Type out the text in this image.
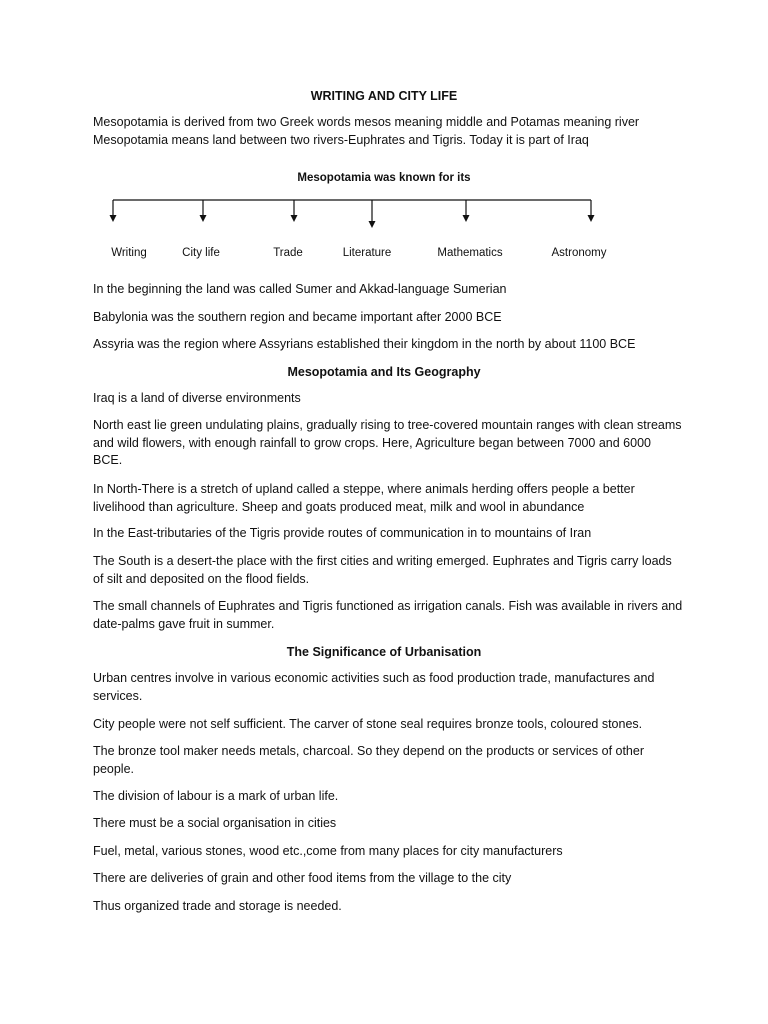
WRITING AND CITY LIFE

Mesopotamia is derived from two Greek words mesos meaning middle and Potamas meaning river

Mesopotamia means land between two rivers-Euphrates and Tigris. Today it is part of Iraq

Mesopotamia was known for its
Writing	City life	Trade	Literature	Mathematics	Astronomy

In the beginning the land was called Sumer and Akkad-language Sumerian

Babylonia was the southern region and became important after 2000 BCE

Assyria was the region where Assyrians established their kingdom in the north by about 1100 BCE

Mesopotamia and Its Geography

Iraq is a land of diverse environments

North east lie green undulating plains, gradually rising to tree-covered mountain ranges with clean streams and wild flowers, with enough rainfall to grow crops. Here, Agriculture began between 7000 and 6000 BCE.

In North-There is a stretch of upland called a steppe, where animals herding offers people a better livelihood than agriculture. Sheep and goats produced meat, milk and wool in abundance

In the East-tributaries of the Tigris provide routes of communication in to mountains of Iran

The South is a desert-the place with the first cities and writing emerged. Euphrates and Tigris carry loads of silt and deposited on the flood fields.

The small channels of Euphrates and Tigris functioned as irrigation canals. Fish was available in rivers and date-palms gave fruit in summer.

The Significance of Urbanisation

Urban centres involve in various economic activities such as food production trade, manufactures and services.

City people were not self sufficient. The carver of stone seal requires bronze tools, coloured stones.

The bronze tool maker needs metals, charcoal. So they depend on the products or services of other people.

The division of labour is a mark of urban life.

There must be a social organisation in cities

Fuel, metal, various stones, wood etc.,come from many places for city manufacturers

There are deliveries of grain and other food items from the village to the city

Thus organized trade and storage is needed.
